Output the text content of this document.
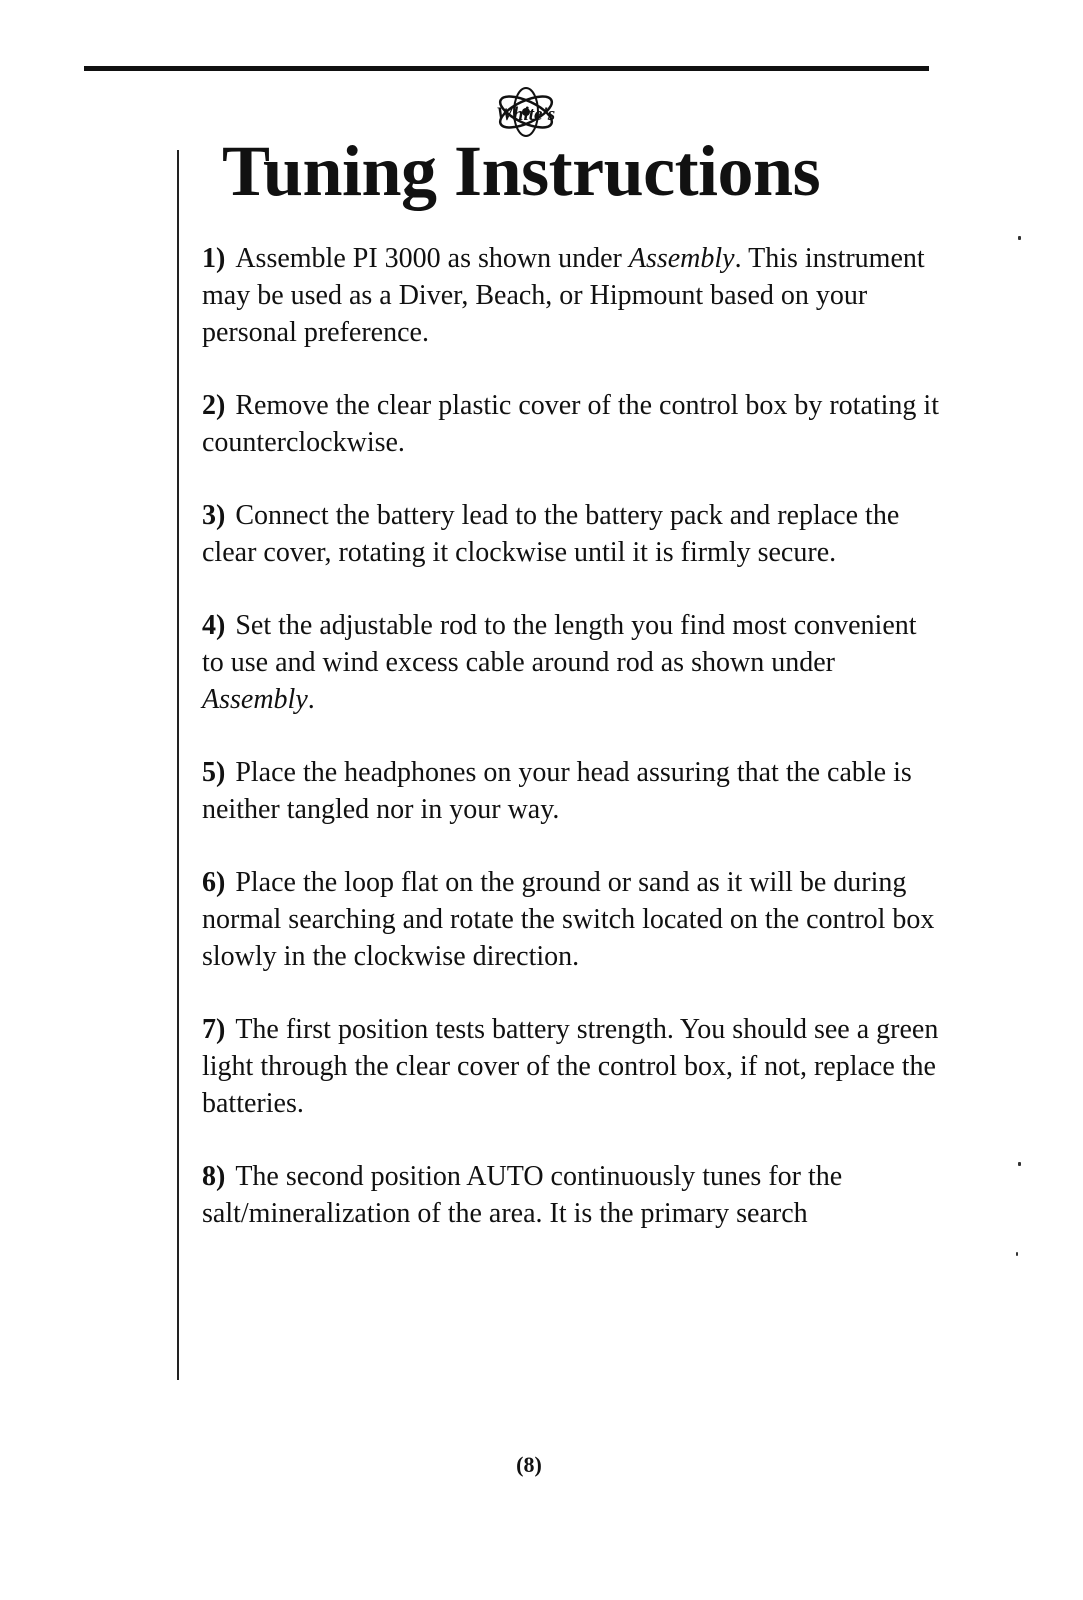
White's
Tuning Instructions
1) Assemble PI 3000 as shown under Assembly. This instrument may be used as a Diver, Beach, or Hipmount based on your personal preference.
2) Remove the clear plastic cover of the control box by rotating it counterclockwise.
3) Connect the battery lead to the battery pack and replace the clear cover, rotating it clockwise until it is firmly secure.
4) Set the adjustable rod to the length you find most convenient to use and wind excess cable around rod as shown under Assembly.
5) Place the headphones on your head assuring that the cable is neither tangled nor in your way.
6) Place the loop flat on the ground or sand as it will be during normal searching and rotate the switch located on the control box slowly in the clockwise direction.
7) The first position tests battery strength. You should see a green light through the clear cover of the control box, if not, replace the batteries.
8) The second position AUTO continuously tunes for the salt/mineralization of the area. It is the primary search
(8)
